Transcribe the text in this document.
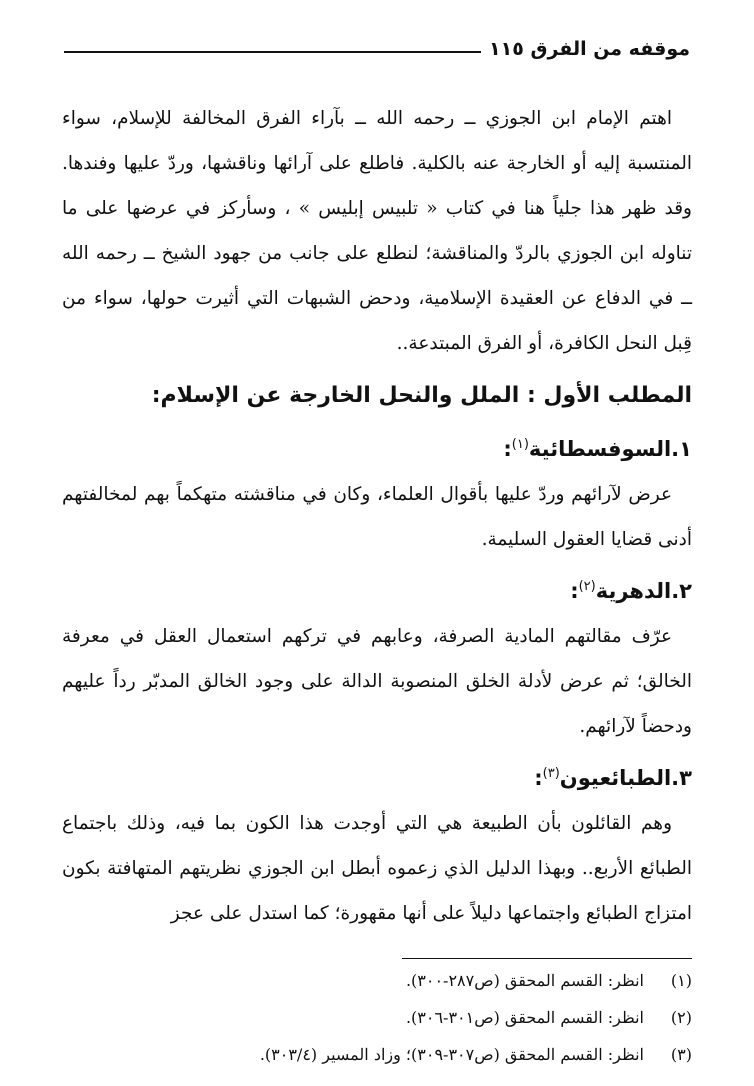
موقفه من الفرق ١١٥

اهتم الإمام ابن الجوزي ــ رحمه الله ــ بآراء الفرق المخالفة للإسلام، سواء المنتسبة إليه أو الخارجة عنه بالكلية. فاطلع على آرائها وناقشها، وردّ عليها وفندها. وقد ظهر هذا جلياً هنا في كتاب « تلبيس إبليس » ، وسأركز في عرضها على ما تناوله ابن الجوزي بالردّ والمناقشة؛ لنطلع على جانب من جهود الشيخ ــ رحمه الله ــ في الدفاع عن العقيدة الإسلامية، ودحض الشبهات التي أثيرت حولها، سواء من قِبل النحل الكافرة، أو الفرق المبتدعة..

المطلب الأول : الملل والنحل الخارجة عن الإسلام:
١.السوفسطائية$^{(١)}$:

عرض لآرائهم وردّ عليها بأقوال العلماء، وكان في مناقشته متهكماً بهم لمخالفتهم أدنى قضايا العقول السليمة.

٢.الدهرية$^{(٢)}$:

عرّف مقالتهم المادية الصرفة، وعابهم في تركهم استعمال العقل في معرفة الخالق؛ ثم عرض لأدلة الخلق المنصوبة الدالة على وجود الخالق المدبّر رداً عليهم ودحضاً لآرائهم.

٣.الطبائعيون$^{(٣)}$:

وهم القائلون بأن الطبيعة هي التي أوجدت هذا الكون بما فيه، وذلك باجتماع الطبائع الأربع.. وبهذا الدليل الذي زعموه أبطل ابن الجوزي نظريتهم المتهافتة بكون امتزاج الطبائع واجتماعها دليلاً على أنها مقهورة؛ كما استدل على عجز

(١)
انظر: القسم المحقق (ص٢٨٧-٣٠٠).
(٢)
انظر: القسم المحقق (ص٣٠١-٣٠٦).
(٣)
انظر: القسم المحقق (ص٣٠٧-٣٠٩)؛ وزاد المسير (٣٠٣/٤).
